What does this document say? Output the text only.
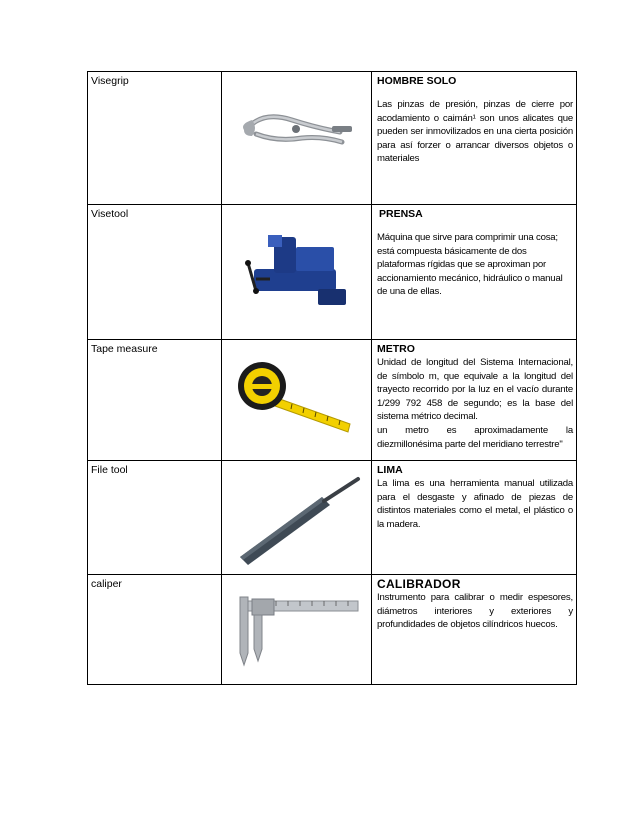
Visegrip		HOMBRE SOLO
Las pinzas de presión, pinzas de cierre por acodamiento o caimán¹ son unos alicates que pueden ser inmovilizados en una cierta posición para así forzer o arrancar diversos objetos o materiales

Visetool		PRENSA
Máquina que sirve para comprimir una cosa; está compuesta básicamente de dos plataformas rígidas que se aproximan por accionamiento mecánico, hidráulico o manual de una de ellas.

Tape measure		METRO
Unidad de longitud del Sistema Internacional, de símbolo m, que equivale a la longitud del trayecto recorrido por la luz en el vacío durante 1/299 792 458 de segundo; es la base del sistema métrico decimal.
un metro es aproximadamente la diezmillonésima parte del meridiano terrestre"

File tool		LIMA
La lima es una herramienta manual utilizada para el desgaste y afinado de piezas de distintos materiales como el metal, el plástico o la madera.

caliper		CALIBRADOR
Instrumento para calibrar o medir espesores, diámetros interiores y exteriores y profundidades de objetos cilíndricos huecos.
